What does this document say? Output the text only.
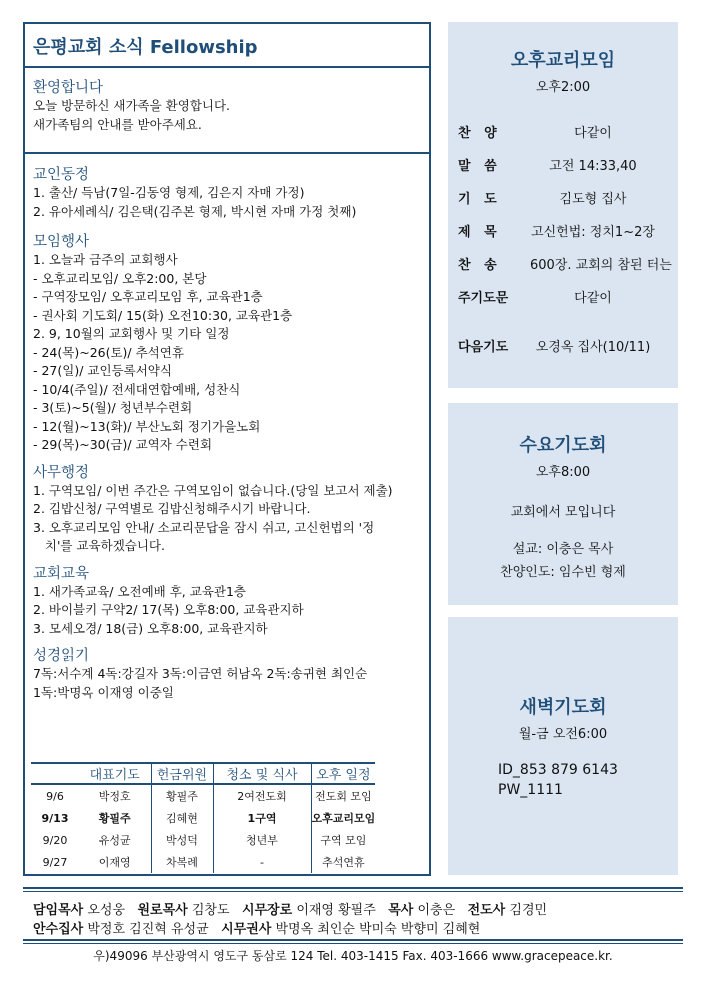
은평교회 소식 Fellowship

환영합니다

오늘 방문하신 새가족을 환영합니다.

새가족팀의 안내를 받아주세요.

교인동정

1. 출산/ 득남(7일-김동영 형제, 김은지 자매 가정)

2. 유아세례식/ 김은택(김주본 형제, 박시현 자매 가정 첫째)

모임행사

1. 오늘과 금주의 교회행사

- 오후교리모임/ 오후2:00, 본당

- 구역장모임/ 오후교리모임 후, 교육관1층

- 권사회 기도회/ 15(화) 오전10:30, 교육관1층

2. 9, 10월의 교회행사 및 기타 일정

- 24(목)~26(토)/ 추석연휴

- 27(일)/ 교인등록서약식

- 10/4(주일)/ 전세대연합예배, 성찬식

- 3(토)~5(월)/ 청년부수련회

- 12(월)~13(화)/ 부산노회 정기가을노회

- 29(목)~30(금)/ 교역자 수련회

사무행정

1. 구역모임/ 이번 주간은 구역모임이 없습니다.(당일 보고서 제출)

2. 김밥신청/ 구역별로 김밥신청해주시기 바랍니다.

3. 오후교리모임 안내/ 소교리문답을 잠시 쉬고, 고신헌법의 '정

치'를 교육하겠습니다.

교회교육

1. 새가족교육/ 오전예배 후, 교육관1층

2. 바이블키 구약2/ 17(목) 오후8:00, 교육관지하

3. 모세오경/ 18(금) 오후8:00, 교육관지하

성경읽기

7독:서수계 4독:강길자 3독:이금연 허남옥 2독:송귀현 최인순

1독:박명옥 이재영 이중일

	대표기도	헌금위원	청소 및 식사	오후 일정
9/6	박정호	황필주	2여전도회	전도회 모임
9/13	황필주	김혜현	1구역	오후교리모임
9/20	유성균	박성덕	청년부	구역 모임
9/27	이재영	차복례	-	추석연휴
오후교리모임
오후2:00
찬   양	다같이
말   씀	고전 14:33,40
기   도	김도형 집사
제   목	고신헌법: 정치1~2장
찬   송	600장. 교회의 참된 터는
주기도문	다같이
다음기도	오경옥 집사(10/11)
수요기도회
오후8:00
교회에서 모입니다
설교: 이충은 목사
찬양인도: 임수빈 형제
새벽기도회
월-금 오전6:00
ID_853 879 6143
PW_1111
담임목사 오성웅 원로목사 김창도 시무장로 이재영 황필주 목사 이충은 전도사 김경민
안수집사 박정호 김진혁 유성균 시무권사 박명옥 최인순 박미숙 박향미 김혜현
우)49096 부산광역시 영도구 동삼로 124 Tel. 403-1415 Fax. 403-1666 www.gracepeace.kr.
